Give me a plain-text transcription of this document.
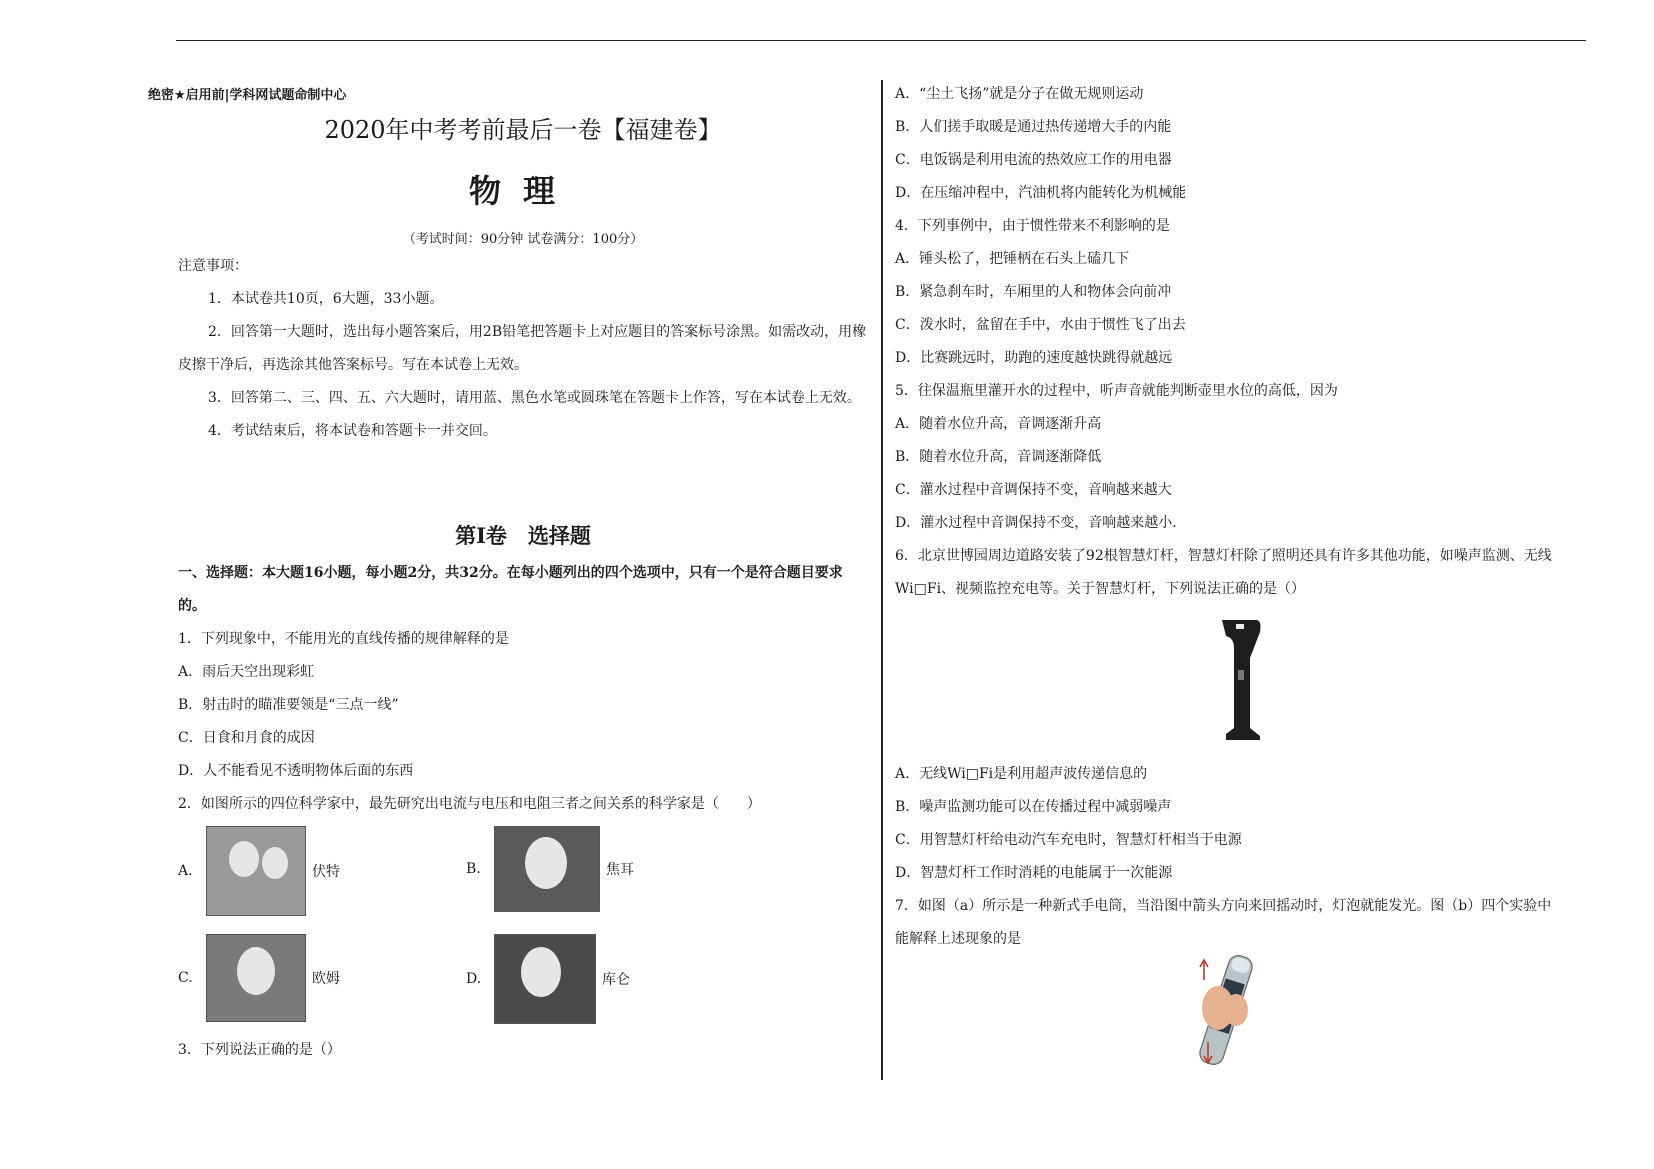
绝密★启用前|学科网试题命制中心
2020年中考考前最后一卷【福建卷】
物理
（考试时间：90分钟 试卷满分：100分）
注意事项：
1．本试卷共10页，6大题，33小题。
2．回答第一大题时，选出每小题答案后，用2B铅笔把答题卡上对应题目的答案标号涂黑。如需改动，用橡皮擦干净后，再选涂其他答案标号。写在本试卷上无效。
3．回答第二、三、四、五、六大题时，请用蓝、黑色水笔或圆珠笔在答题卡上作答，写在本试卷上无效。
4．考试结束后，将本试卷和答题卡一并交回。
第Ⅰ卷　选择题
一、选择题：本大题16小题，每小题2分，共32分。在每小题列出的四个选项中，只有一个是符合题目要求的。
1．下列现象中，不能用光的直线传播的规律解释的是
A．雨后天空出现彩虹
B．射击时的瞄准要领是“三点一线”
C．日食和月食的成因
D．人不能看见不透明物体后面的东西
2．如图所示的四位科学家中，最先研究出电流与电压和电阻三者之间关系的科学家是（　　）
A.	伏特	B.	焦耳
C.	欧姆	D.	库仑
3．下列说法正确的是（）
A．“尘土飞扬”就是分子在做无规则运动
B．人们搓手取暖是通过热传递增大手的内能
C．电饭锅是利用电流的热效应工作的用电器
D．在压缩冲程中，汽油机将内能转化为机械能
4．下列事例中，由于惯性带来不利影响的是
A．锤头松了，把锤柄在石头上磕几下
B．紧急刹车时，车厢里的人和物体会向前冲
C．泼水时，盆留在手中，水由于惯性飞了出去
D．比赛跳远时，助跑的速度越快跳得就越远
5．往保温瓶里灌开水的过程中，听声音就能判断壶里水位的高低，因为
A．随着水位升高，音调逐渐升高
B．随着水位升高，音调逐渐降低
C．灌水过程中音调保持不变，音响越来越大
D．灌水过程中音调保持不变，音响越来越小.
6．北京世博园周边道路安装了92根智慧灯杆，智慧灯杆除了照明还具有许多其他功能，如噪声监测、无线
Wi□Fi、视频监控充电等。关于智慧灯杆，下列说法正确的是（）
A．无线Wi□Fi是利用超声波传递信息的
B．噪声监测功能可以在传播过程中减弱噪声
C．用智慧灯杆给电动汽车充电时，智慧灯杆相当于电源
D．智慧灯杆工作时消耗的电能属于一次能源
7．如图（a）所示是一种新式手电筒，当沿图中箭头方向来回摇动时，灯泡就能发光。图（b）四个实验中
能解释上述现象的是
